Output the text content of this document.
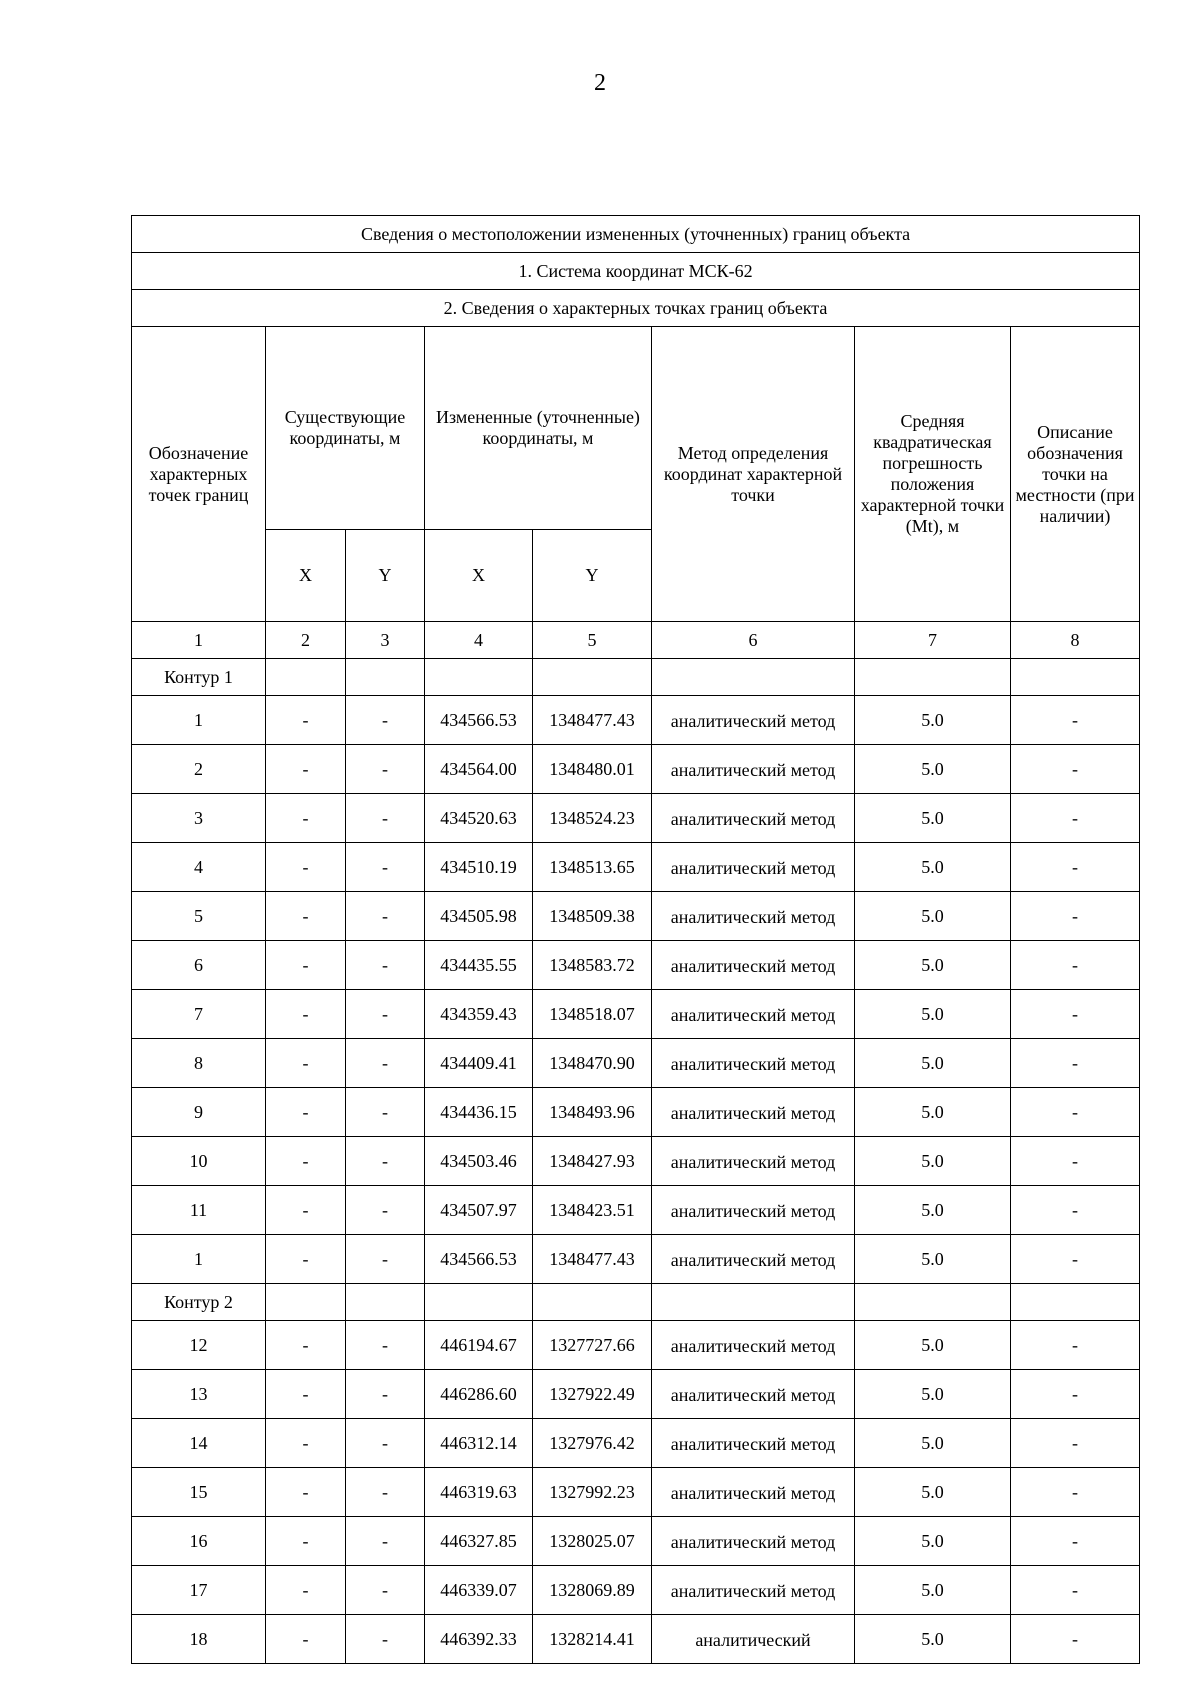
2
Сведения о местоположении измененных (уточненных) границ объекта							
1. Система координат МСК-62							
2. Сведения о характерных точках границ объекта							
Обозначение характерных точек границ	Существующие координаты, м		Измененные (уточненные) координаты, м		Метод определения координат характерной точки	Средняя квадратическая погрешность положения характерной точки (Mt), м	Описание обозначения точки на местности (при наличии)
	X	Y	X	Y			
1	2	3	4	5	6	7	8
Контур 1							
1	-	-	434566.53	1348477.43	аналитический метод	5.0	-
2	-	-	434564.00	1348480.01	аналитический метод	5.0	-
3	-	-	434520.63	1348524.23	аналитический метод	5.0	-
4	-	-	434510.19	1348513.65	аналитический метод	5.0	-
5	-	-	434505.98	1348509.38	аналитический метод	5.0	-
6	-	-	434435.55	1348583.72	аналитический метод	5.0	-
7	-	-	434359.43	1348518.07	аналитический метод	5.0	-
8	-	-	434409.41	1348470.90	аналитический метод	5.0	-
9	-	-	434436.15	1348493.96	аналитический метод	5.0	-
10	-	-	434503.46	1348427.93	аналитический метод	5.0	-
11	-	-	434507.97	1348423.51	аналитический метод	5.0	-
1	-	-	434566.53	1348477.43	аналитический метод	5.0	-
Контур 2							
12	-	-	446194.67	1327727.66	аналитический метод	5.0	-
13	-	-	446286.60	1327922.49	аналитический метод	5.0	-
14	-	-	446312.14	1327976.42	аналитический метод	5.0	-
15	-	-	446319.63	1327992.23	аналитический метод	5.0	-
16	-	-	446327.85	1328025.07	аналитический метод	5.0	-
17	-	-	446339.07	1328069.89	аналитический метод	5.0	-
18	-	-	446392.33	1328214.41	аналитический	5.0	-
